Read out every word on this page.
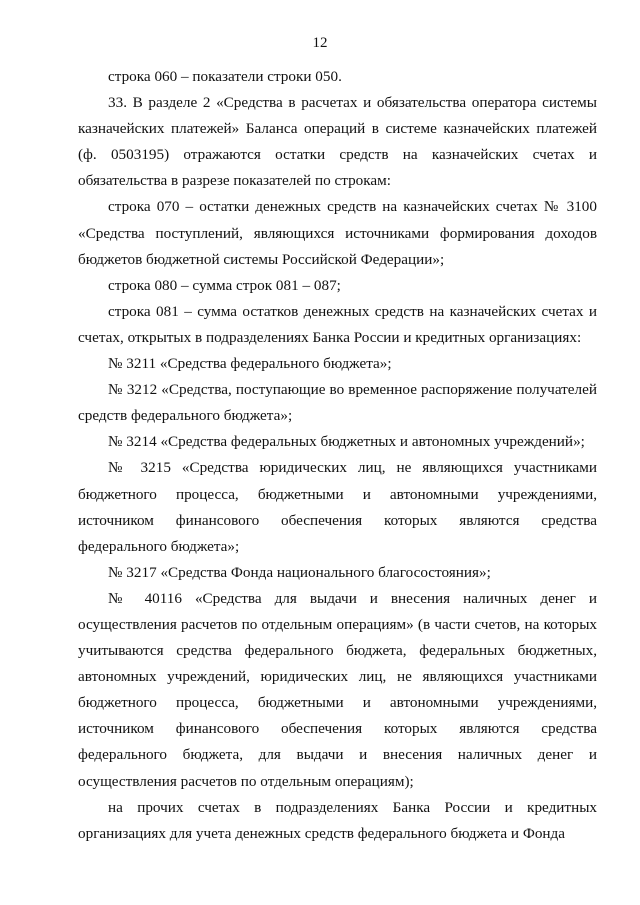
12

строка 060 – показатели строки 050.

33. В разделе 2 «Средства в расчетах и обязательства оператора системы казначейских платежей» Баланса операций в системе казначейских платежей (ф. 0503195) отражаются остатки средств на казначейских счетах и обязательства в разрезе показателей по строкам:

строка 070 – остатки денежных средств на казначейских счетах № 3100 «Средства поступлений, являющихся источниками формирования доходов бюджетов бюджетной системы Российской Федерации»;

строка 080 – сумма строк 081 – 087;

строка 081 – сумма остатков денежных средств на казначейских счетах и счетах, открытых в подразделениях Банка России и кредитных организациях:

№ 3211 «Средства федерального бюджета»;

№ 3212 «Средства, поступающие во временное распоряжение получателей средств федерального бюджета»;

№ 3214 «Средства федеральных бюджетных и автономных учреждений»;

№ 3215 «Средства юридических лиц, не являющихся участниками бюджетного процесса, бюджетными и автономными учреждениями, источником финансового обеспечения которых являются средства федерального бюджета»;

№ 3217 «Средства Фонда национального благосостояния»;

№ 40116 «Средства для выдачи и внесения наличных денег и осуществления расчетов по отдельным операциям» (в части счетов, на которых учитываются средства федерального бюджета, федеральных бюджетных, автономных учреждений, юридических лиц, не являющихся участниками бюджетного процесса, бюджетными и автономными учреждениями, источником финансового обеспечения которых являются средства федерального бюджета, для выдачи и внесения наличных денег и осуществления расчетов по отдельным операциям);

на прочих счетах в подразделениях Банка России и кредитных организациях для учета денежных средств федерального бюджета и Фонда
